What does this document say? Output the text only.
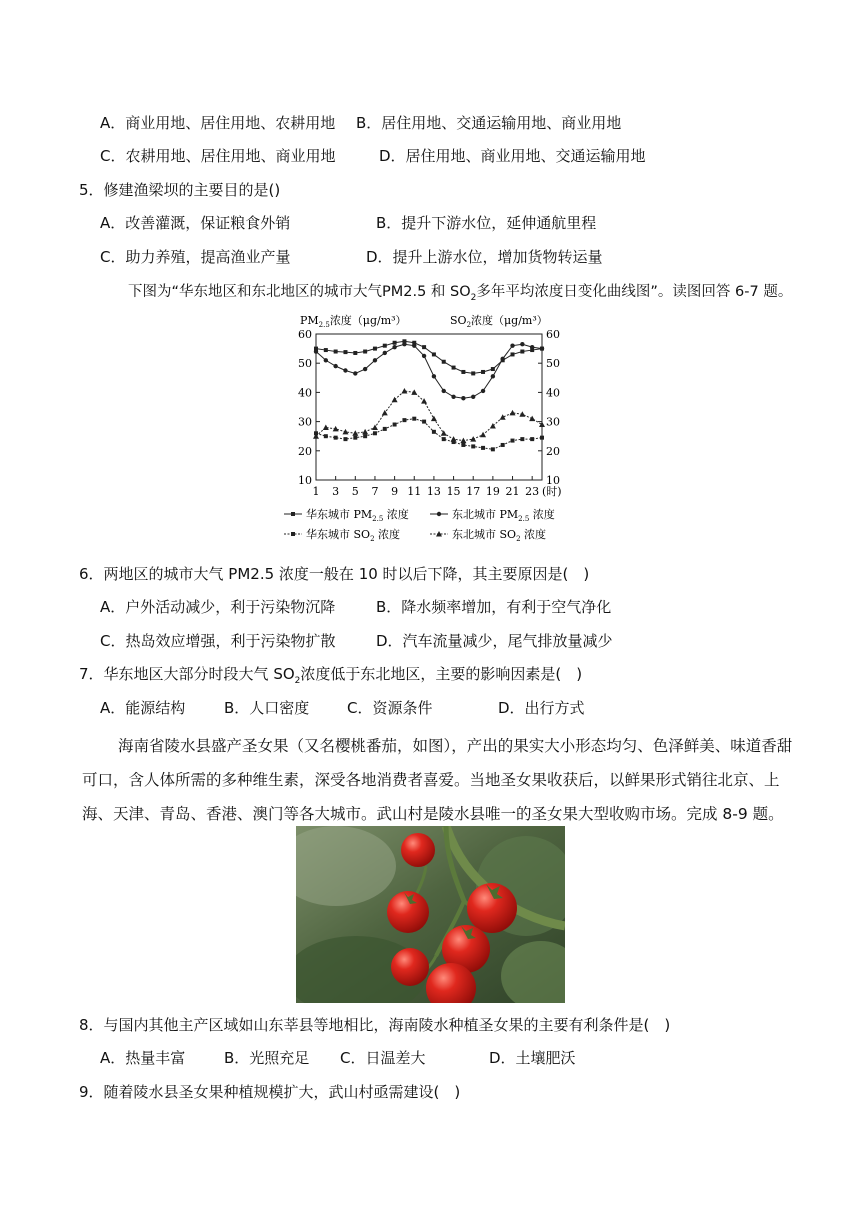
A．商业用地、居住用地、农耕用地 B．居住用地、交通运输用地、商业用地
C．农耕用地、居住用地、商业用地	D．居住用地、商业用地、交通运输用地
5．修建渔梁坝的主要目的是()
A．改善灌溉，保证粮食外销	B．提升下游水位，延伸通航里程
C．助力养殖，提高渔业产量	D．提升上游水位，增加货物转运量
下图为“华东地区和东北地区的城市大气PM2.5 和 $SO_2$多年平均浓度日变化曲线图”。读图回答 6-7 题。
$PM_{2.5}$浓度（μg/m³）	$SO_2$浓度（μg/m³）
10
20
30
40
50
60
10
20
30
40
50
60
1 3 5 7 9 11 13 15 17 19 21 23 (时)
华东城市 $PM_{2.5}$ 浓度	东北城市 $PM_{2.5}$ 浓度
华东城市 $SO_2$ 浓度	东北城市 $SO_2$ 浓度
6．两地区的城市大气 PM2.5 浓度一般在 10 时以后下降，其主要原因是(　)
A．户外活动减少，利于污染物沉降	B．降水频率增加，有利于空气净化
C．热岛效应增强，利于污染物扩散	D．汽车流量减少，尾气排放量减少
7．华东地区大部分时段大气 $SO_2$浓度低于东北地区，主要的影响因素是(　)
A．能源结构	B．人口密度	C．资源条件	D．出行方式
海南省陵水县盛产圣女果（又名樱桃番茄，如图），产出的果实大小形态均匀、色泽鲜美、味道香甜可口，含人体所需的多种维生素，深受各地消费者喜爱。当地圣女果收获后，以鲜果形式销往北京、上海、天津、青岛、香港、澳门等各大城市。武山村是陵水县唯一的圣女果大型收购市场。完成 8-9 题。
8．与国内其他主产区域如山东莘县等地相比，海南陵水种植圣女果的主要有利条件是(　)
A．热量丰富	B．光照充足 C．日温差大	D．土壤肥沃
9．随着陵水县圣女果种植规模扩大，武山村亟需建设(　)
